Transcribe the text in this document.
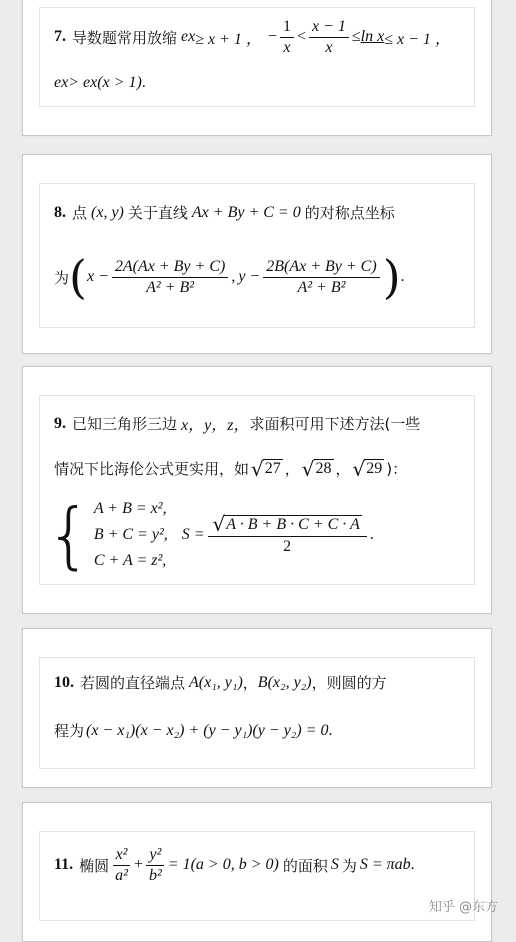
7. 导数题常用放缩 e x ≥ x + 1 ， − $\frac{1}{x} < \frac{x - 1}{x} \le \ln x \le x - 1$ ，
e x > ex(x > 1) .
8. 点 (x, y) 关于直线 Ax + By + C = 0 的对称点坐标
为 ( $x - \frac{2A(Ax + By + C)}{\text{A² + B²}}$ , $y - \frac{2B(Ax + By + C)}{\text{A² + B²}}$ ) .
9. 已知三角形三边 x，y，z， 求面积可用下述方法(一些
情况下比海伦公式更实用，如 √ 27 ， √ 28 ， √ 29 )：
{ A + B = x²,
B + C = y²,
C + A = z²,
$S = \frac{√ A \cdot B + B \cdot C + C \cdot A}{2}$ .
10. 若圆的直径端点 A(x₁, y₁) ， B(x₂, y₂) ，则圆的方
程为 (x − x₁)(x − x₂) + (y − y₁)(y − y₂) = 0 .
11. 椭圆 $\frac{\text{x²}}{\text{a²}} + \frac{\text{y²}}{\text{b²}} = 1(a > 0$, b > 0) 的面积 S 为 S = πab .
知乎 @东方
